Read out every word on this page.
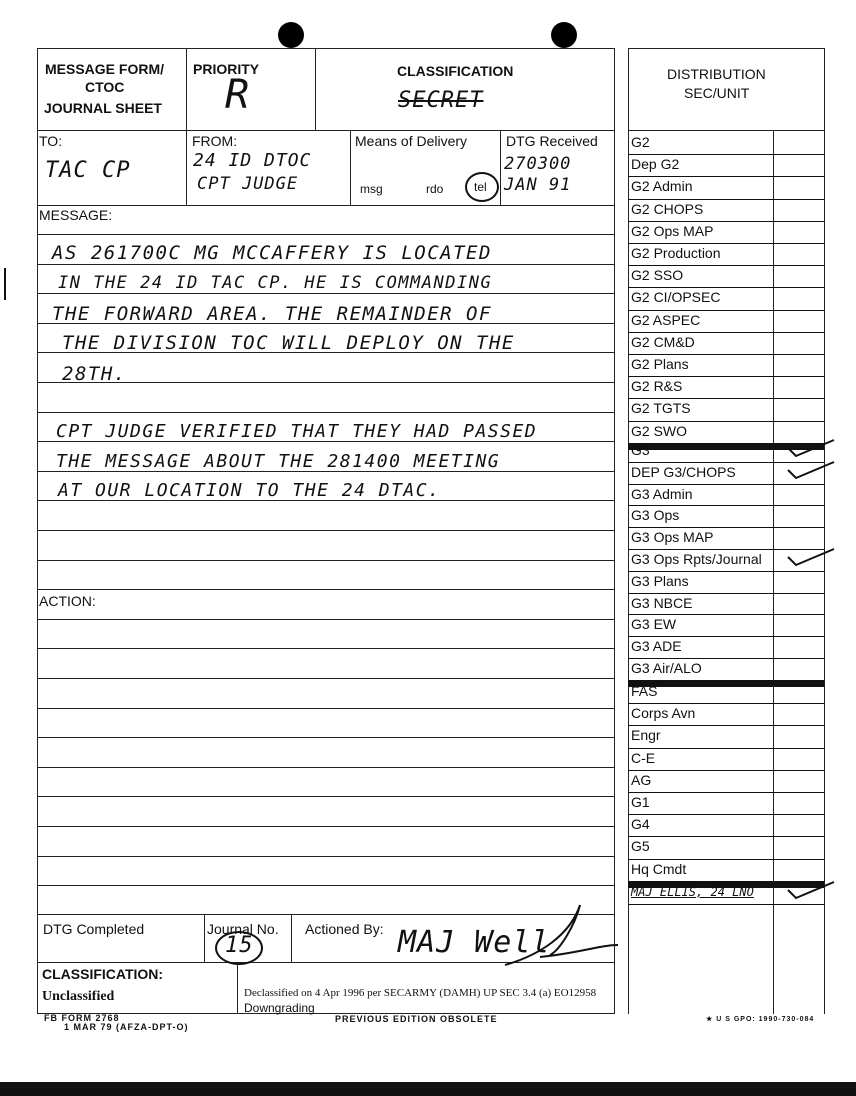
MESSAGE FORM/
CTOC
JOURNAL SHEET
PRIORITY
R
CLASSIFICATION
SECRET
TO:
TAC CP
FROM:
24 ID DTOC
CPT JUDGE
Means of Delivery
msg	rdo	tel
DTG Received
270300
JAN 91
MESSAGE:
AS 261700C MG MCCAFFERY IS LOCATED
IN THE 24 ID TAC CP. HE IS COMMANDING
THE FORWARD AREA. THE REMAINDER OF
THE DIVISION TOC WILL DEPLOY ON THE
28TH.
CPT JUDGE VERIFIED THAT THEY HAD PASSED
THE MESSAGE ABOUT THE 281400 MEETING
AT OUR LOCATION TO THE 24 DTAC.
ACTION:
DTG Completed	Journal No.
15
Actioned By: MAJ Well
CLASSIFICATION:
Unclassified	Declassified on 4 Apr 1996 per SECARMY (DAMH) UP SEC 3.4 (a) EO12958
Downgrading
FB FORM 2768
1 MAR 79 (AFZA-DPT-O)
PREVIOUS EDITION OBSOLETE	★ U S GPO: 1990-730-084
DISTRIBUTION
SEC/UNIT
G2
Dep G2
G2 Admin
G2 CHOPS
G2 Ops MAP
G2 Production
G2 SSO
G2 CI/OPSEC
G2 ASPEC
G2 CM&D
G2 Plans
G2 R&S
G2 TGTS
G2 SWO
G3
DEP G3/CHOPS
G3 Admin
G3 Ops
G3 Ops MAP
G3 Ops Rpts/Journal
G3 Plans
G3 NBCE
G3 EW
G3 ADE
G3 Air/ALO
FAS
Corps Avn
Engr
C-E
AG
G1
G4
G5
Hq Cmdt
MAJ ELLIS, 24 LNO
